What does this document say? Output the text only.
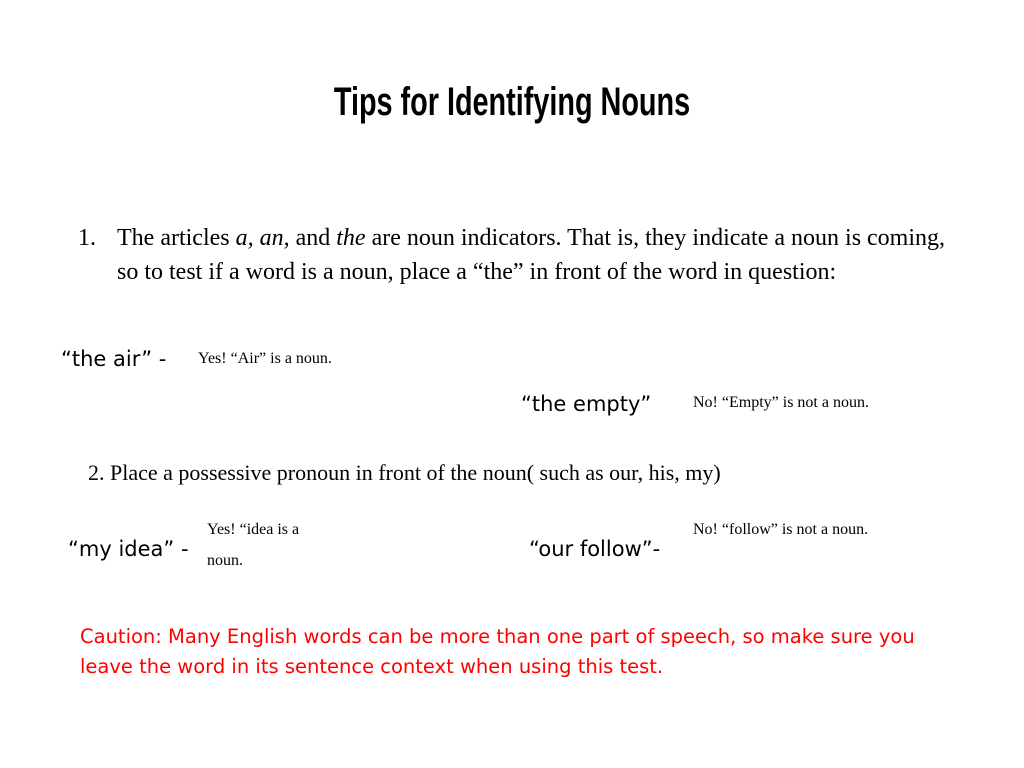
Tips for Identifying Nouns
1. The articles a, an, and the are noun indicators. That is, they indicate a noun is coming, so to test if a word is a noun, place a “the” in front of the word in question:
“the air” - Yes! “Air” is a noun.
“the empty”	No! “Empty” is not a noun.
2. Place a possessive pronoun in front of the noun( such as our, his, my)
“my idea” -
Yes! “idea is a
noun.	“our follow”-
No! “follow” is not a noun.
Caution: Many English words can be more than one part of speech, so make sure you leave the word in its sentence context when using this test.
